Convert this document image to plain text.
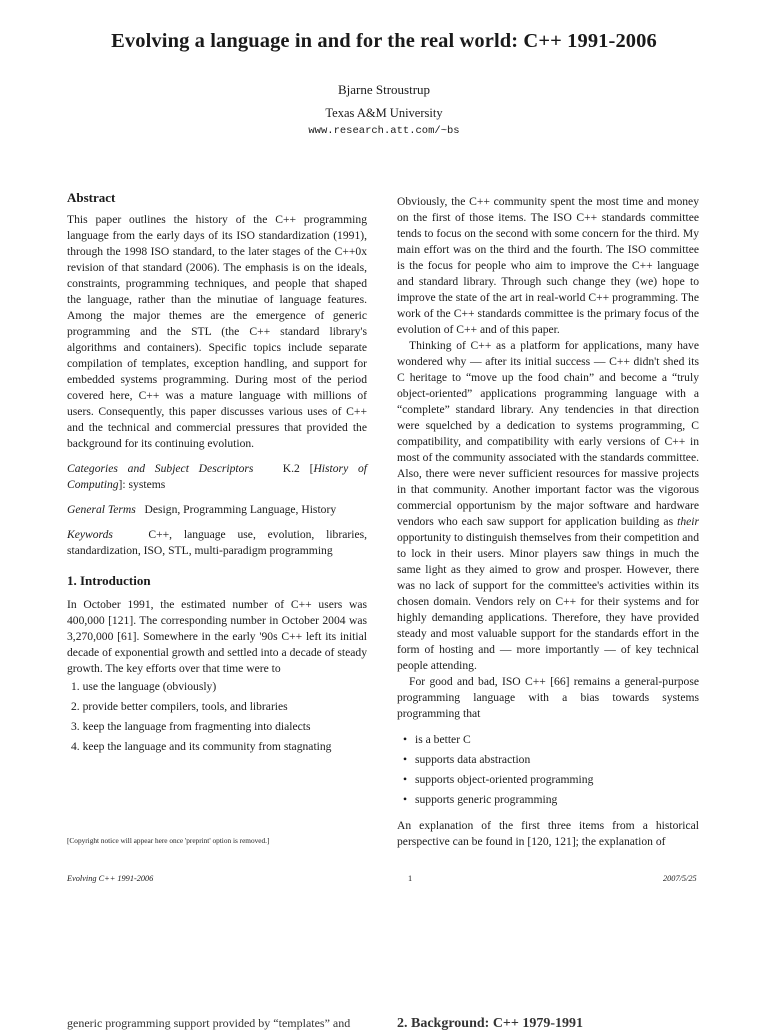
Evolving a language in and for the real world: C++ 1991-2006
Bjarne Stroustrup
Texas A&M University
www.research.att.com/~bs
Abstract

This paper outlines the history of the C++ programming language from the early days of its ISO standardization (1991), through the 1998 ISO standard, to the later stages of the C++0x revision of that standard (2006). The emphasis is on the ideals, constraints, programming techniques, and people that shaped the language, rather than the minutiae of language features. Among the major themes are the emergence of generic programming and the STL (the C++ standard library's algorithms and containers). Specific topics include separate compilation of templates, exception handling, and support for embedded systems programming. During most of the period covered here, C++ was a mature language with millions of users. Consequently, this paper discusses various uses of C++ and the technical and commercial pressures that provided the background for its continuing evolution.

Categories and Subject Descriptors	K.2 [History of Computing]: systems

General Terms Design, Programming Language, History

Keywords	C++, language use, evolution, libraries, standardization, ISO, STL, multi-paradigm programming

1. Introduction

In October 1991, the estimated number of C++ users was 400,000 [121]. The corresponding number in October 2004 was 3,270,000 [61]. Somewhere in the early '90s C++ left its initial decade of exponential growth and settled into a decade of steady growth. The key efforts over that time were to

1. use the language (obviously)
2. provide better compilers, tools, and libraries
3. keep the language from fragmenting into dialects
4. keep the language and its community from stagnating

Obviously, the C++ community spent the most time and money on the first of those items. The ISO C++ standards committee tends to focus on the second with some concern for the third. My main effort was on the third and the fourth. The ISO committee is the focus for people who aim to improve the C++ language and standard library. Through such change they (we) hope to improve the state of the art in real-world C++ programming. The work of the C++ standards committee is the primary focus of the evolution of C++ and of this paper.

Thinking of C++ as a platform for applications, many have wondered why — after its initial success — C++ didn't shed its C heritage to “move up the food chain” and become a “truly object-oriented” applications programming language with a “complete” standard library. Any tendencies in that direction were squelched by a dedication to systems programming, C compatibility, and compatibility with early versions of C++ in most of the community associated with the standards committee. Also, there were never sufficient resources for massive projects in that community. Another important factor was the vigorous commercial opportunism by the major software and hardware vendors who each saw support for application building as their opportunity to distinguish themselves from their competition and to lock in their users. Minor players saw things in much the same light as they aimed to grow and prosper. However, there was no lack of support for the committee's activities within its chosen domain. Vendors rely on C++ for their systems and for highly demanding applications. Therefore, they have provided steady and most valuable support for the standards effort in the form of hosting and — more importantly — of key technical people attending.

For good and bad, ISO C++ [66] remains a general-purpose programming language with a bias towards systems programming that

• is a better C
• supports data abstraction
• supports object-oriented programming
• supports generic programming

An explanation of the first three items from a historical perspective can be found in [120, 121]; the explanation of

[Copyright notice will appear here once 'preprint' option is removed.]
Evolving C++ 1991-2006	1	2007/5/25
generic programming support provided by “templates” and	2. Background: C++ 1979-1991
